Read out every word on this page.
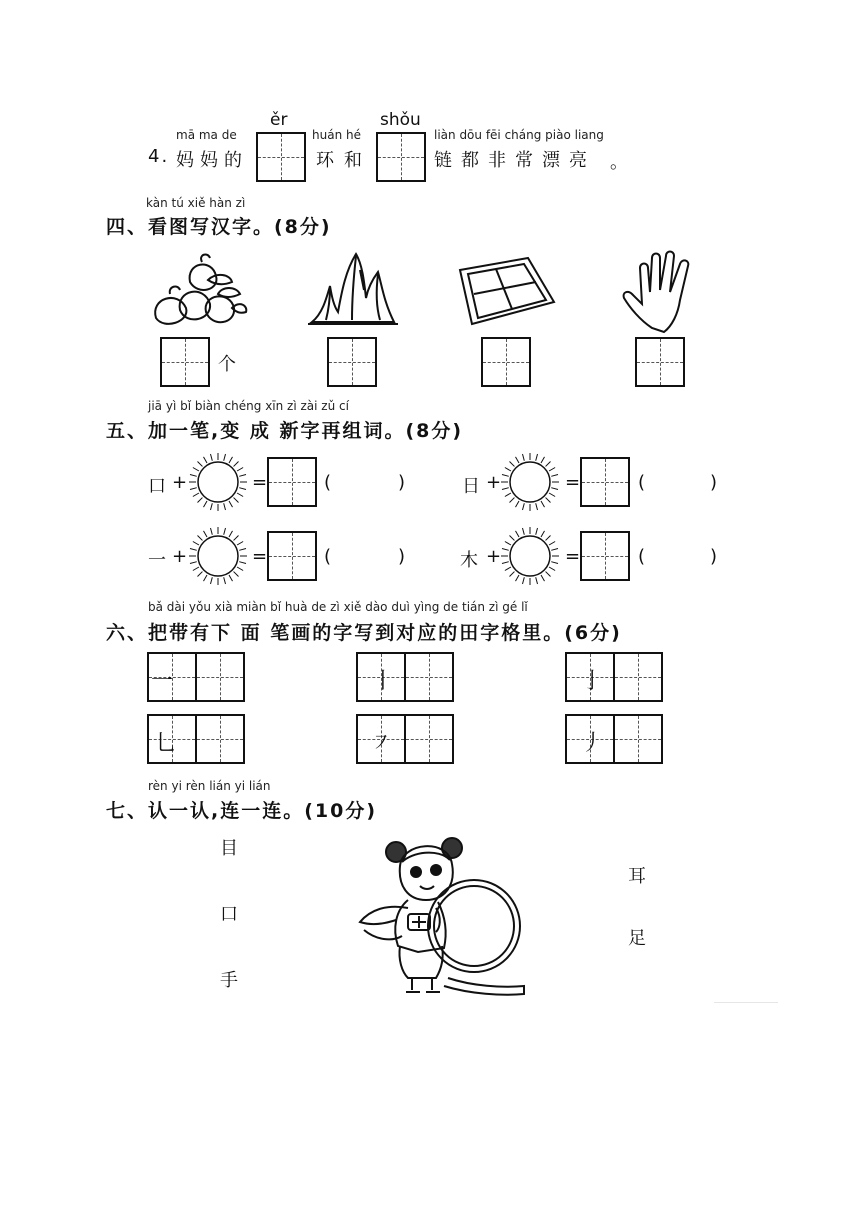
mā ma de
4. 妈妈的
ěr
huán hé
环和
shǒu
liàn dōu fēi cháng piào liang
链都非常漂亮 。
kàn tú xiě hàn zì
四、看图写汉字。(8分)
个
jiā yì bǐ biàn chéng xīn zì zài zǔ cí
五、加一笔,变 成 新字再组词。(8分)
口 +	=	(	)	日 +	=	(	)
一 +	=	(	)	木 +	=	(	)
bǎ dài yǒu xià miàn bǐ huà de zì xiě dào duì yìng de tián zì gé lǐ
六、把带有下 面 笔画的字写到对应的田字格里。(6分)
一	丨	亅
乚	㇇	丿
rèn yi rèn lián yi lián
七、认一认,连一连。(10分)
目
口
手
耳
足
